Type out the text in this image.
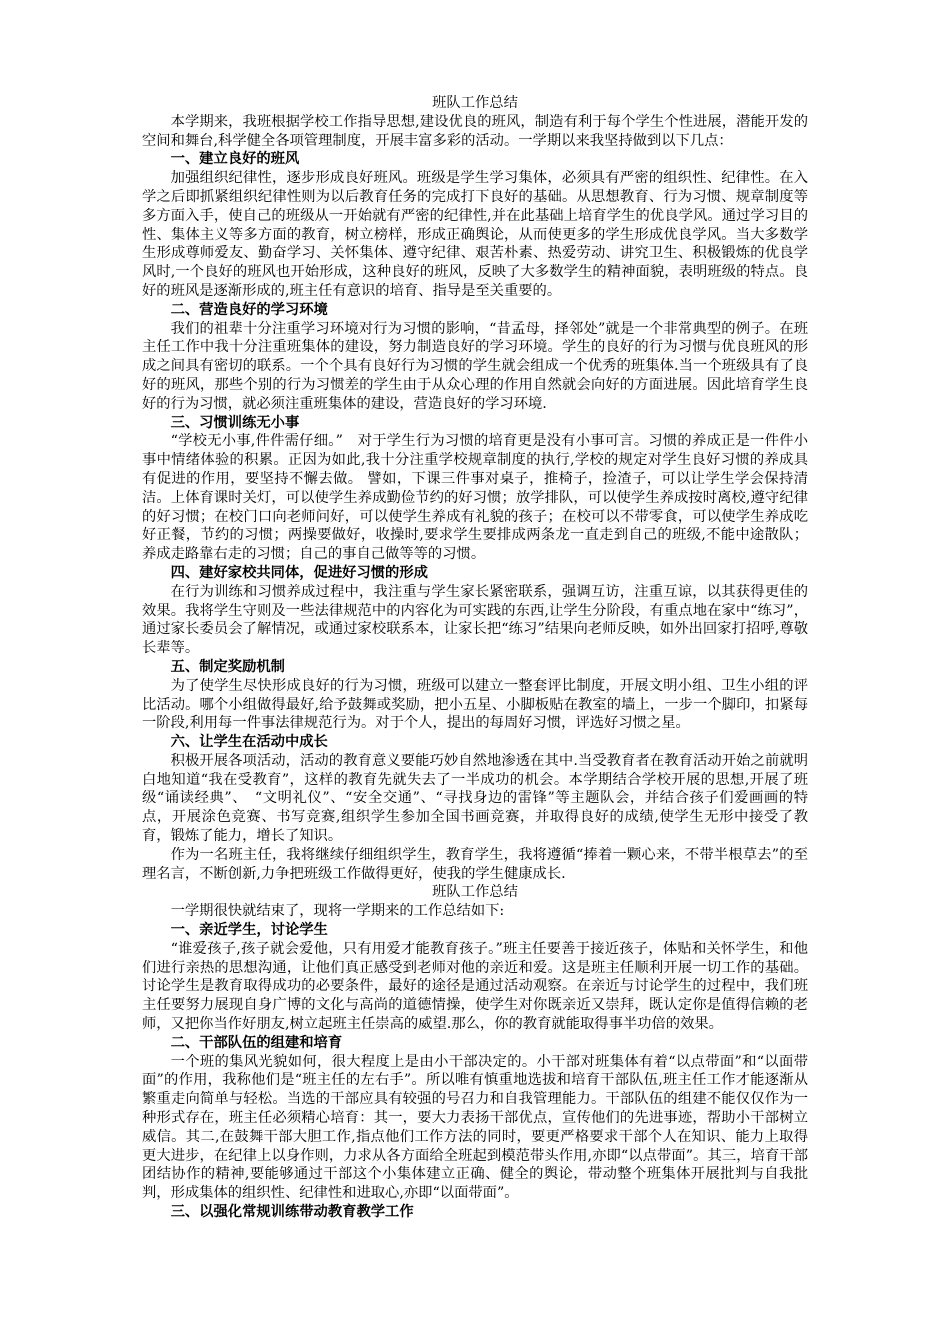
班队工作总结

本学期来，我班根据学校工作指导思想,建设优良的班风，制造有利于每个学生个性进展，潜能开发的空间和舞台,科学健全各项管理制度，开展丰富多彩的活动。一学期以来我坚持做到以下几点：

一、建立良好的班风

加强组织纪律性，逐步形成良好班风。班级是学生学习集体，必须具有严密的组织性、纪律性。在入学之后即抓紧组织纪律性则为以后教育任务的完成打下良好的基础。从思想教育、行为习惯、规章制度等多方面入手，使自己的班级从一开始就有严密的纪律性,并在此基础上培育学生的优良学风。通过学习目的性、集体主义等多方面的教育，树立榜样，形成正确舆论，从而使更多的学生形成优良学风。当大多数学生形成尊师爱友、勤奋学习、关怀集体、遵守纪律、艰苦朴素、热爱劳动、讲究卫生、积极锻炼的优良学风时,一个良好的班风也开始形成，这种良好的班风，反映了大多数学生的精神面貌，表明班级的特点。良好的班风是逐渐形成的,班主任有意识的培育、指导是至关重要的。

二、营造良好的学习环境

我们的祖辈十分注重学习环境对行为习惯的影响，“昔孟母，择邻处”就是一个非常典型的例子。在班主任工作中我十分注重班集体的建设，努力制造良好的学习环境。学生的良好的行为习惯与优良班风的形成之间具有密切的联系。一个个具有良好行为习惯的学生就会组成一个优秀的班集体.当一个班级具有了良好的班风，那些个别的行为习惯差的学生由于从众心理的作用自然就会向好的方面进展。因此培育学生良好的行为习惯，就必须注重班集体的建设，营造良好的学习环境.

三、习惯训练无小事

“学校无小事,件件需仔细。”　对于学生行为习惯的培育更是没有小事可言。习惯的养成正是一件件小事中情绪体验的积累。正因为如此,我十分注重学校规章制度的执行,学校的规定对学生良好习惯的养成具有促进的作用，要坚持不懈去做。 譬如，下课三件事对桌子，推椅子，捡渣子，可以让学生学会保持清洁。上体育课时关灯，可以使学生养成勤俭节约的好习惯；放学排队，可以使学生养成按时离校,遵守纪律的好习惯；在校门口向老师问好，可以使学生养成有礼貌的孩子；在校可以不带零食，可以使学生养成吃好正餐，节约的习惯；两操要做好，收操时,要求学生要排成两条龙一直走到自己的班级,不能中途散队；养成走路靠右走的习惯；自己的事自己做等等的习惯。

四、建好家校共同体，促进好习惯的形成

在行为训练和习惯养成过程中，我注重与学生家长紧密联系，强调互访，注重互谅，以其获得更佳的效果。我将学生守则及一些法律规范中的内容化为可实践的东西,让学生分阶段，有重点地在家中“练习”，通过家长委员会了解情况，或通过家校联系本，让家长把“练习”结果向老师反映，如外出回家打招呼,尊敬长辈等。

五、制定奖励机制

为了使学生尽快形成良好的行为习惯，班级可以建立一整套评比制度，开展文明小组、卫生小组的评比活动。哪个小组做得最好,给予鼓舞或奖励，把小五星、小脚板贴在教室的墙上，一步一个脚印，扣紧每一阶段,利用每一件事法律规范行为。对于个人，提出的每周好习惯，评选好习惯之星。

六、让学生在活动中成长

积极开展各项活动，活动的教育意义要能巧妙自然地渗透在其中.当受教育者在教育活动开始之前就明白地知道“我在受教育”，这样的教育先就失去了一半成功的机会。本学期结合学校开展的思想,开展了班级“诵读经典”、　“文明礼仪”、“安全交通”、“寻找身边的雷锋”等主题队会，并结合孩子们爱画画的特点，开展涂色竞赛、书写竞赛,组织学生参加全国书画竞赛，并取得良好的成绩,使学生无形中接受了教育，锻炼了能力，增长了知识。

作为一名班主任，我将继续仔细组织学生，教育学生，我将遵循“捧着一颗心来，不带半根草去”的至理名言，不断创新,力争把班级工作做得更好，使我的学生健康成长.

班队工作总结

一学期很快就结束了，现将一学期来的工作总结如下:

一、亲近学生，讨论学生

“谁爱孩子,孩子就会爱他，只有用爱才能教育孩子。”班主任要善于接近孩子，体贴和关怀学生，和他们进行亲热的思想沟通，让他们真正感受到老师对他的亲近和爱。这是班主任顺利开展一切工作的基础。讨论学生是教育取得成功的必要条件，最好的途径是通过活动观察。在亲近与讨论学生的过程中，我们班主任要努力展现自身广博的文化与高尚的道德情操，使学生对你既亲近又崇拜，既认定你是值得信赖的老师，又把你当作好朋友,树立起班主任崇高的威望.那么，你的教育就能取得事半功倍的效果。

二、干部队伍的组建和培育

一个班的集风光貌如何，很大程度上是由小干部决定的。小干部对班集体有着“以点带面”和“以面带面”的作用，我称他们是“班主任的左右手”。所以唯有慎重地选拔和培育干部队伍,班主任工作才能逐渐从繁重走向简单与轻松。当选的干部应具有较强的号召力和自我管理能力。干部队伍的组建不能仅仅作为一种形式存在，班主任必须精心培育：其一，要大力表扬干部优点，宣传他们的先进事迹，帮助小干部树立威信。其二,在鼓舞干部大胆工作,指点他们工作方法的同时，要更严格要求干部个人在知识、能力上取得更大进步，在纪律上以身作则，力求从各方面给全班起到模范带头作用,亦即“以点带面”。其三，培育干部团结协作的精神,要能够通过干部这个小集体建立正确、健全的舆论，带动整个班集体开展批判与自我批判，形成集体的组织性、纪律性和进取心,亦即“以面带面”。

三、以强化常规训练带动教育教学工作
